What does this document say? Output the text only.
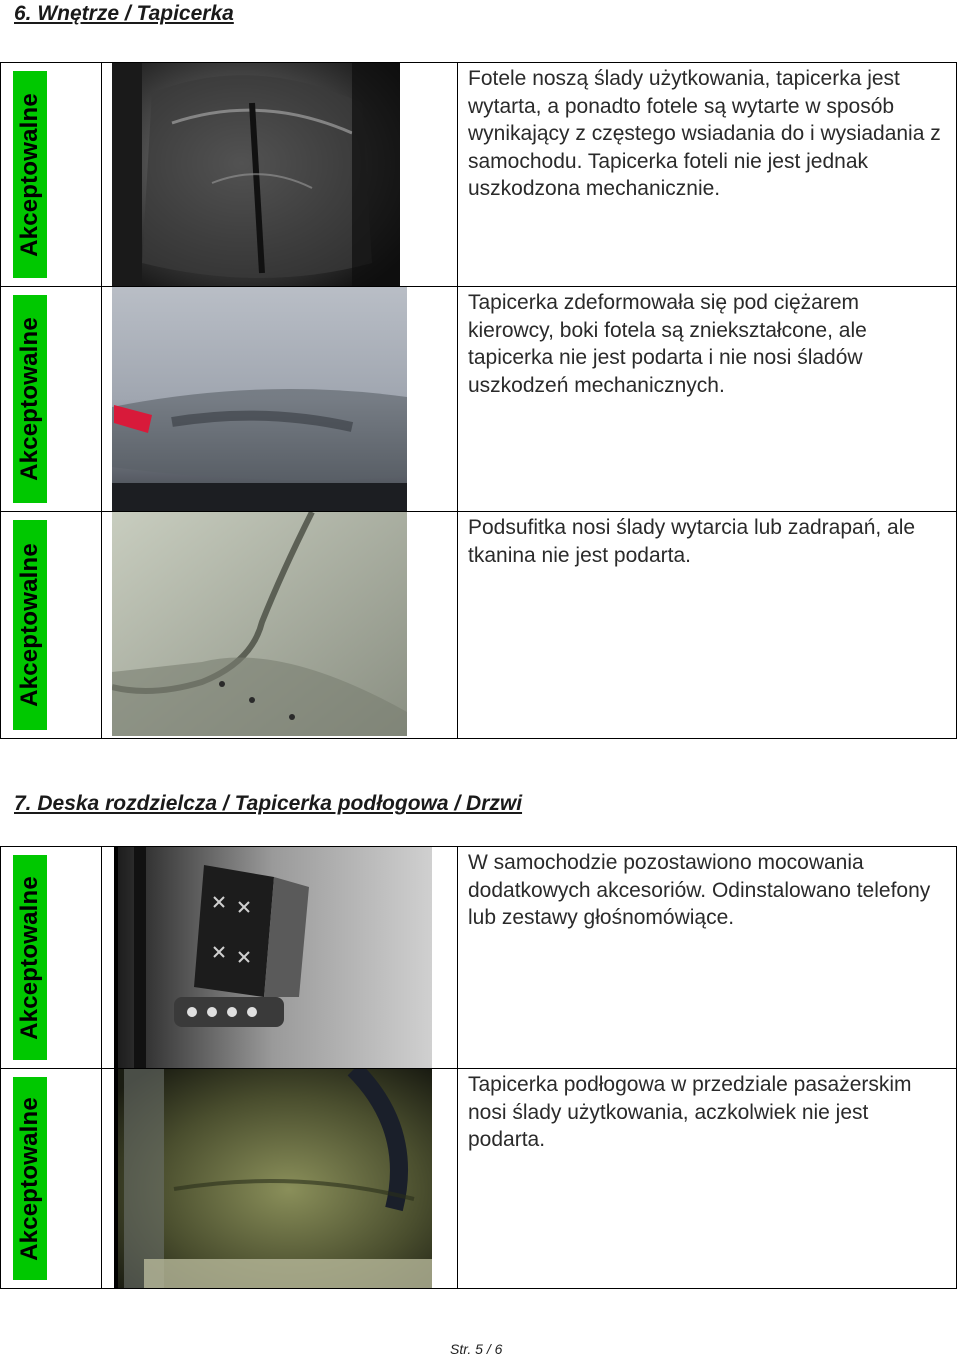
6. Wnętrze / Tapicerka
Akceptowalne		Fotele noszą ślady użytkowania, tapicerka jest wytarta, a ponadto fotele są wytarte w sposób wynikający z częstego wsiadania do i wysiadania z samochodu. Tapicerka foteli nie jest jednak uszkodzona mechanicznie.

Akceptowalne		Tapicerka zdeformowała się pod ciężarem kierowcy, boki fotela są zniekształcone, ale tapicerka nie jest podarta i nie nosi śladów uszkodzeń mechanicznych.

Akceptowalne		Podsufitka nosi ślady wytarcia lub zadrapań, ale tkanina nie jest podarta.

7. Deska rozdzielcza / Tapicerka podłogowa / Drzwi
Akceptowalne		W samochodzie pozostawiono mocowania dodatkowych akcesoriów. Odinstalowano telefony lub zestawy głośnomówiące.

Akceptowalne		Tapicerka podłogowa w przedziale pasażerskim nosi ślady użytkowania, aczkolwiek nie jest podarta.

Str. 5 / 6
